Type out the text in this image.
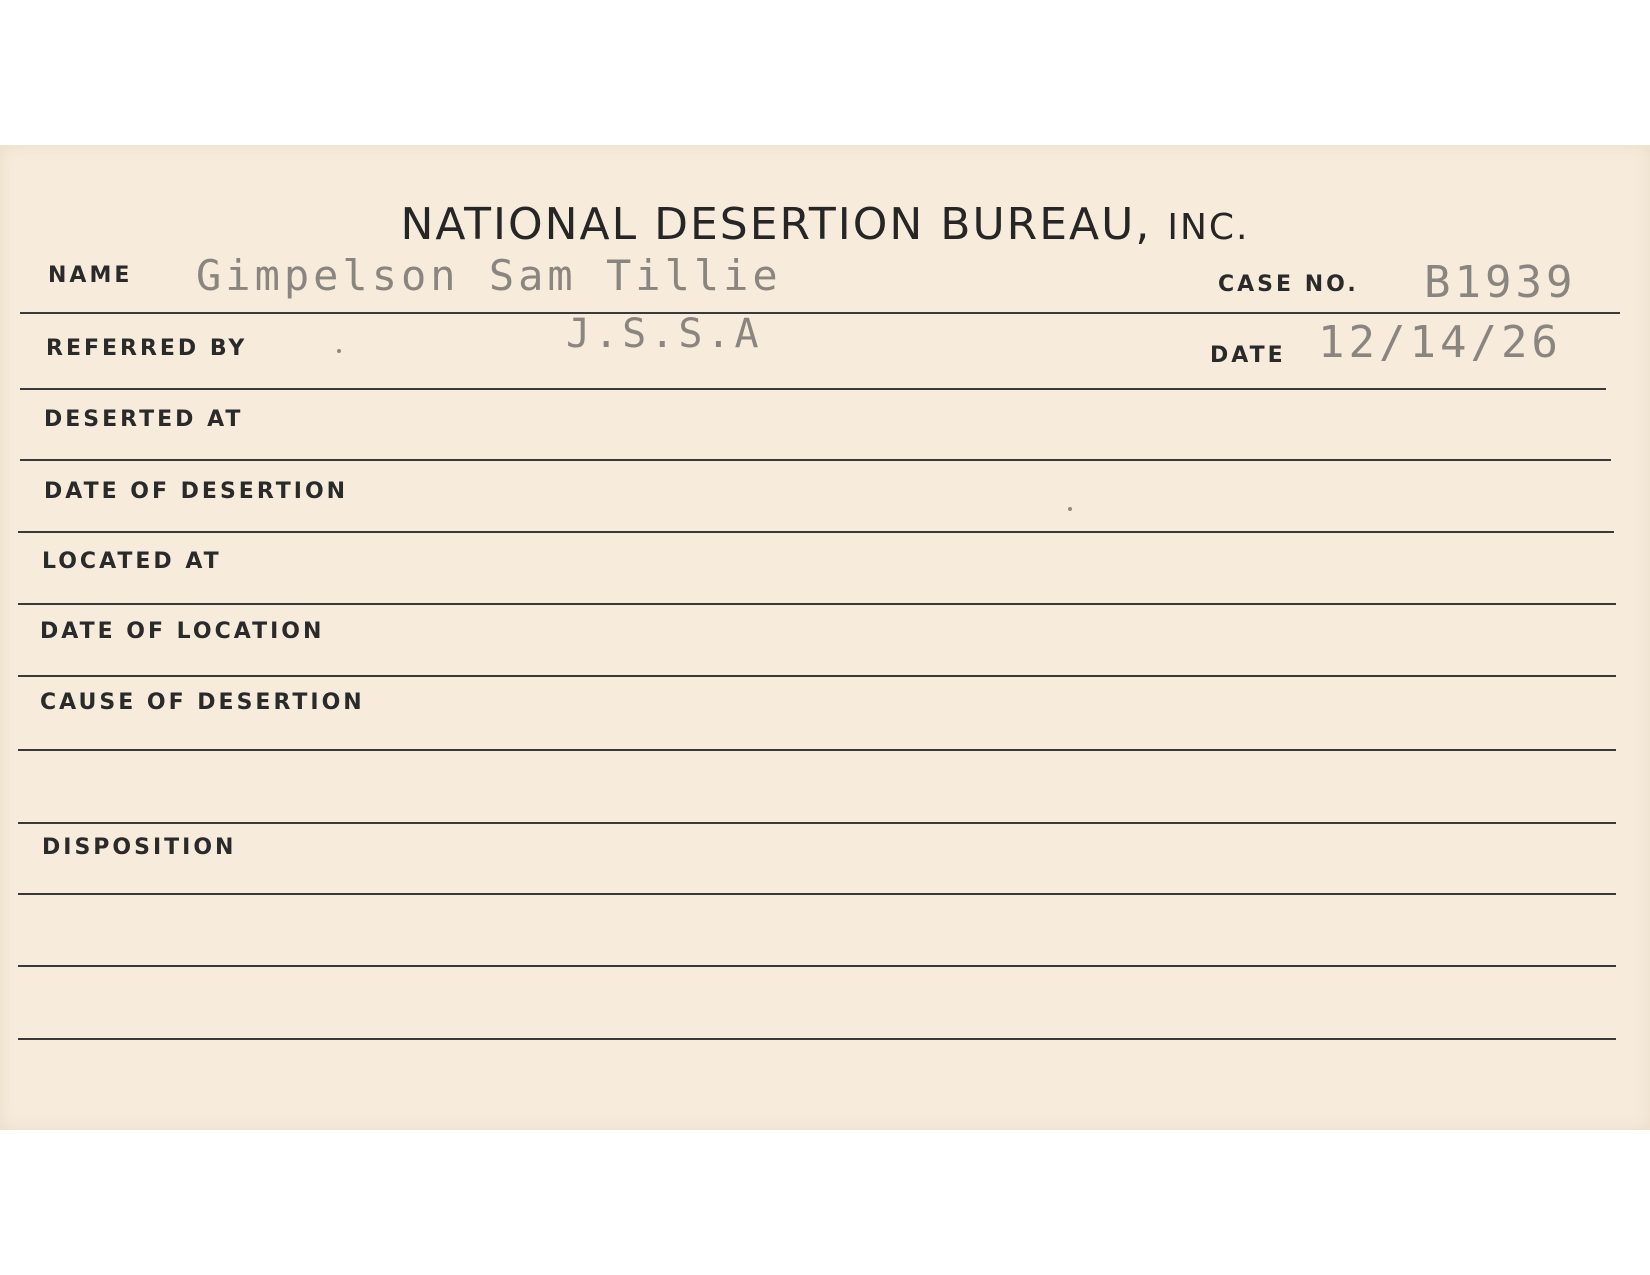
NATIONAL DESERTION BUREAU, INC.
NAME Gimpelson Sam Tillie	CASE NO. B1939
REFERRED BY	J.S.S.A	DATE 12/14/26
DESERTED AT
DATE OF DESERTION
LOCATED AT
DATE OF LOCATION
CAUSE OF DESERTION
DISPOSITION
